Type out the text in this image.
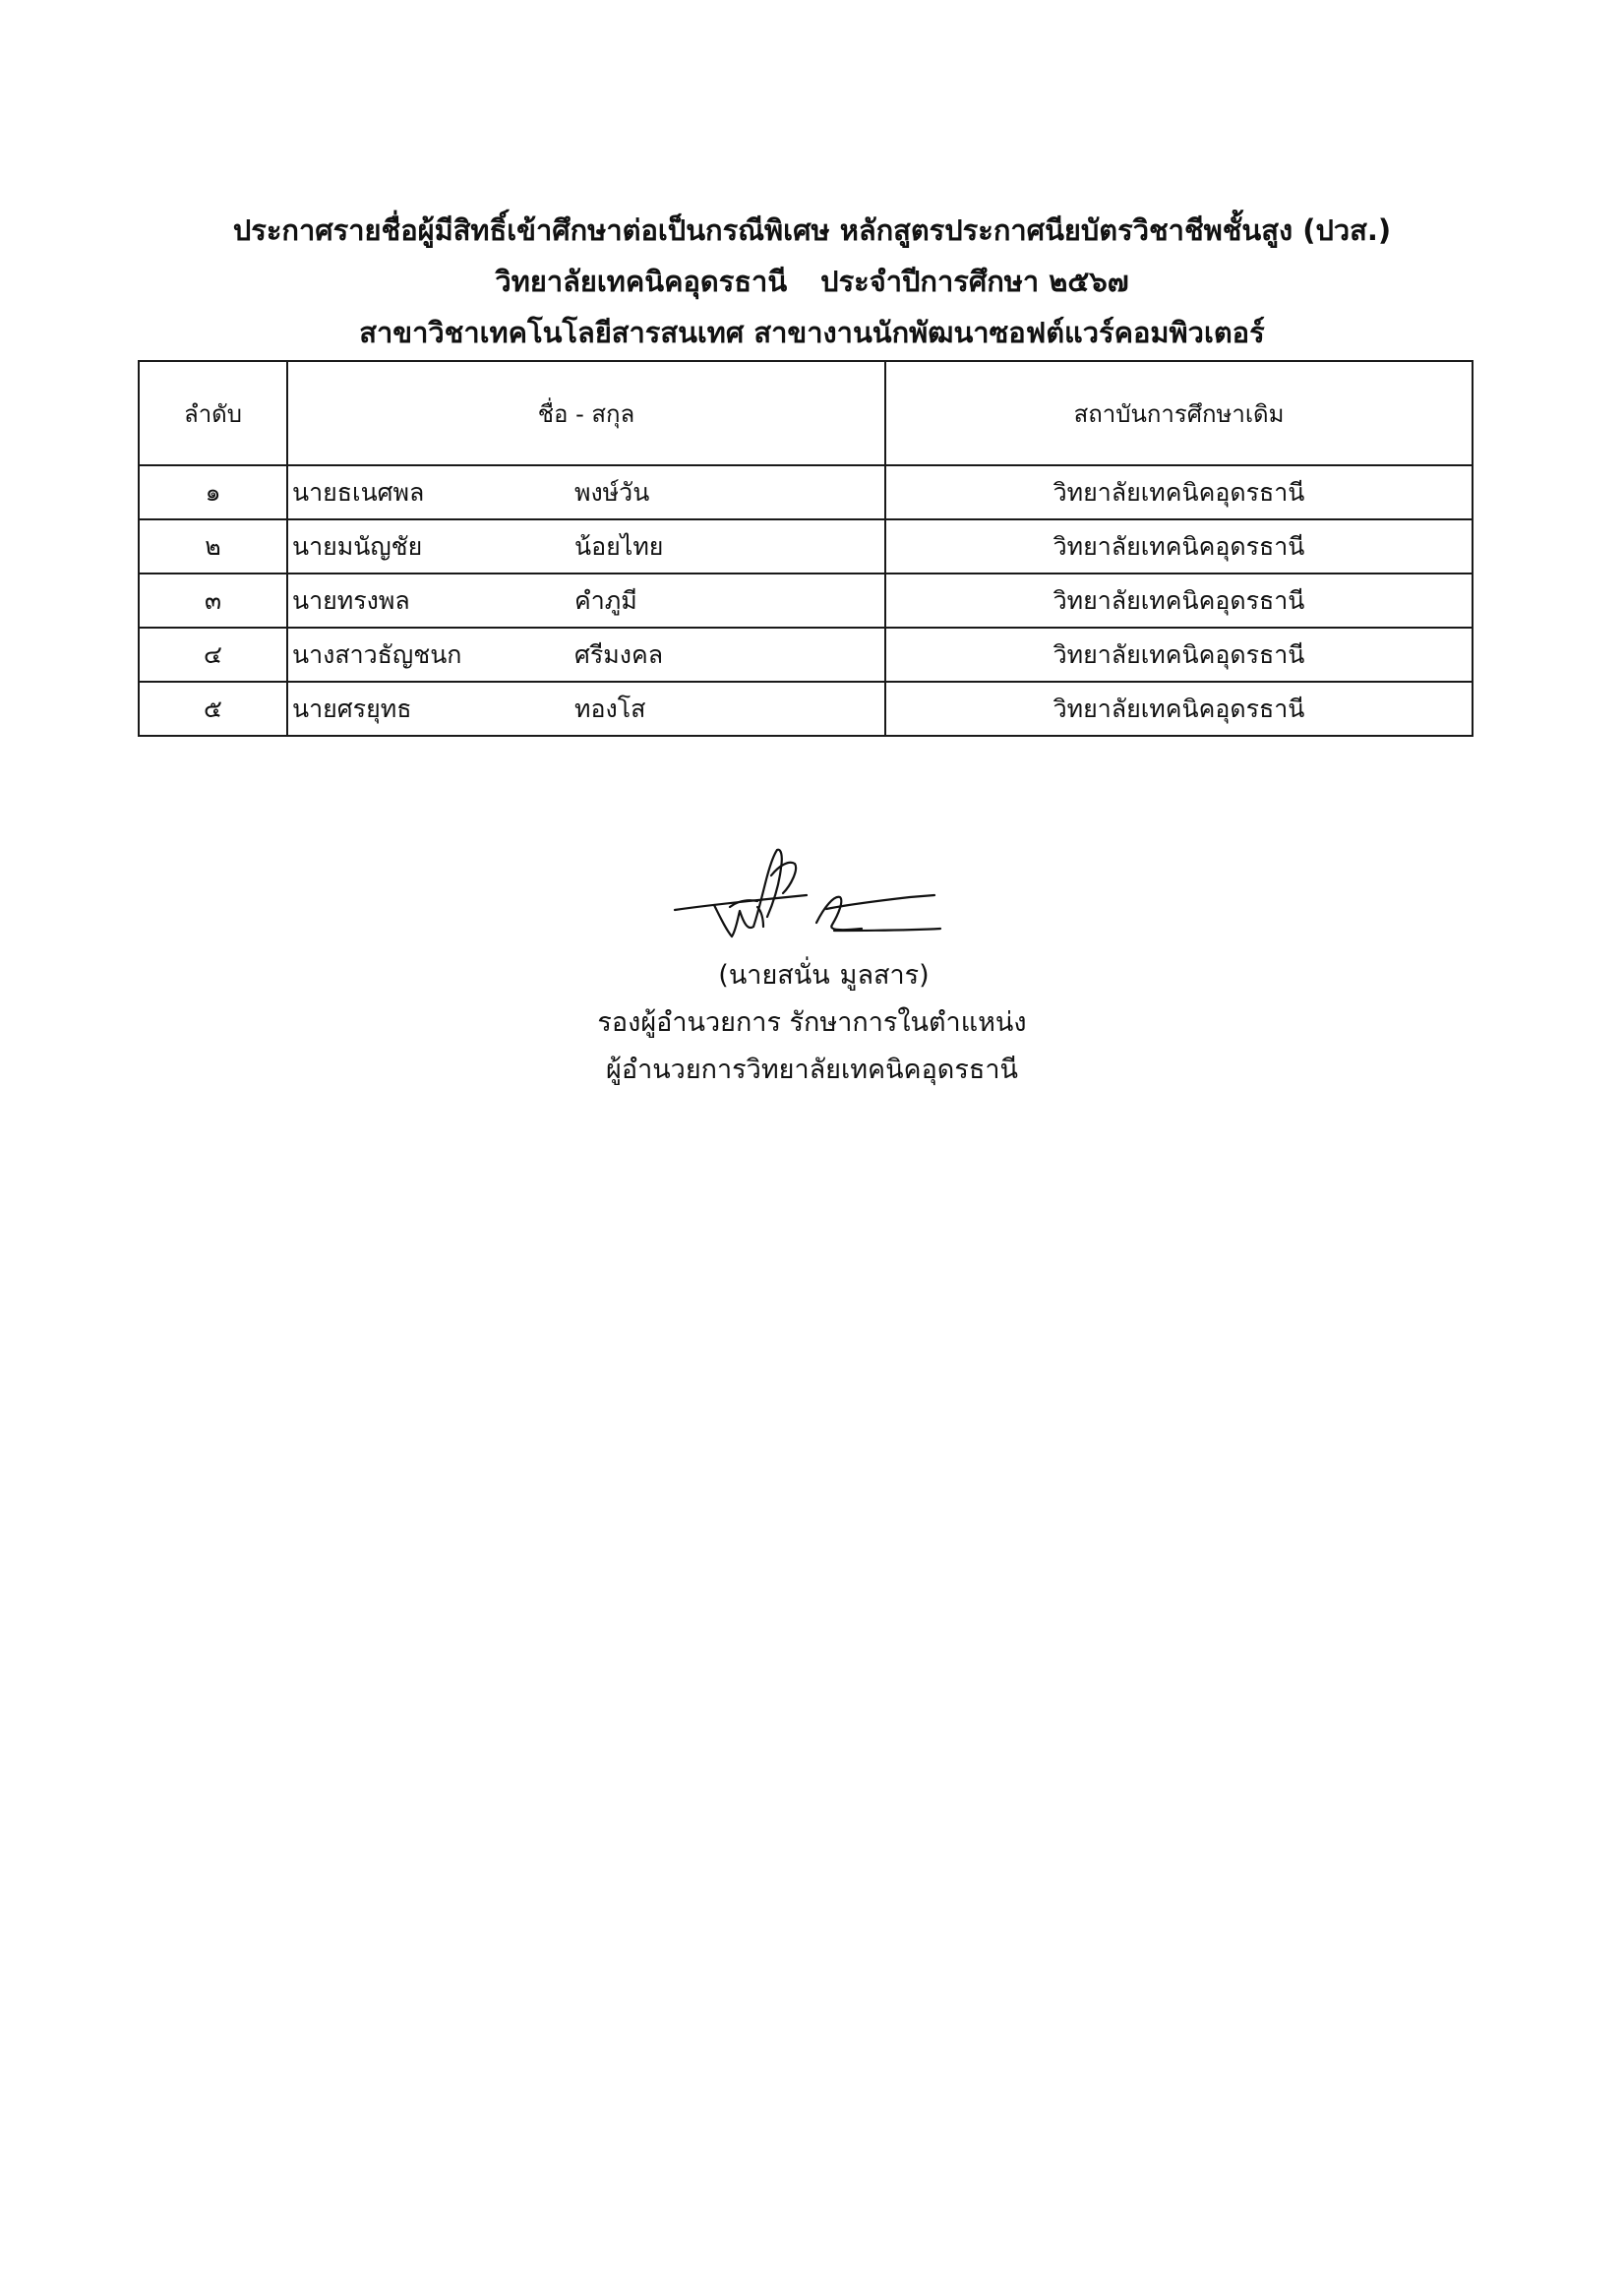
ประกาศรายชื่อผู้มีสิทธิ์เข้าศึกษาต่อเป็นกรณีพิเศษ หลักสูตรประกาศนียบัตรวิชาชีพชั้นสูง (ปวส.)
วิทยาลัยเทคนิคอุดรธานี ประจำปีการศึกษา ๒๕๖๗
สาขาวิชาเทคโนโลยีสารสนเทศ สาขางานนักพัฒนาซอฟต์แวร์คอมพิวเตอร์
ลำดับ	ชื่อ - สกุล	สถาบันการศึกษาเดิม
๑	นายธเนศพล พงษ์วัน	วิทยาลัยเทคนิคอุดรธานี
๒	นายมนัญชัย น้อยไทย	วิทยาลัยเทคนิคอุดรธานี
๓	นายทรงพล คำภูมี	วิทยาลัยเทคนิคอุดรธานี
๔	นางสาวธัญชนก ศรีมงคล	วิทยาลัยเทคนิคอุดรธานี
๕	นายศรยุทธ ทองโส	วิทยาลัยเทคนิคอุดรธานี
(นายสนั่น มูลสาร)
รองผู้อำนวยการ รักษาการในตำแหน่ง
ผู้อำนวยการวิทยาลัยเทคนิคอุดรธานี
